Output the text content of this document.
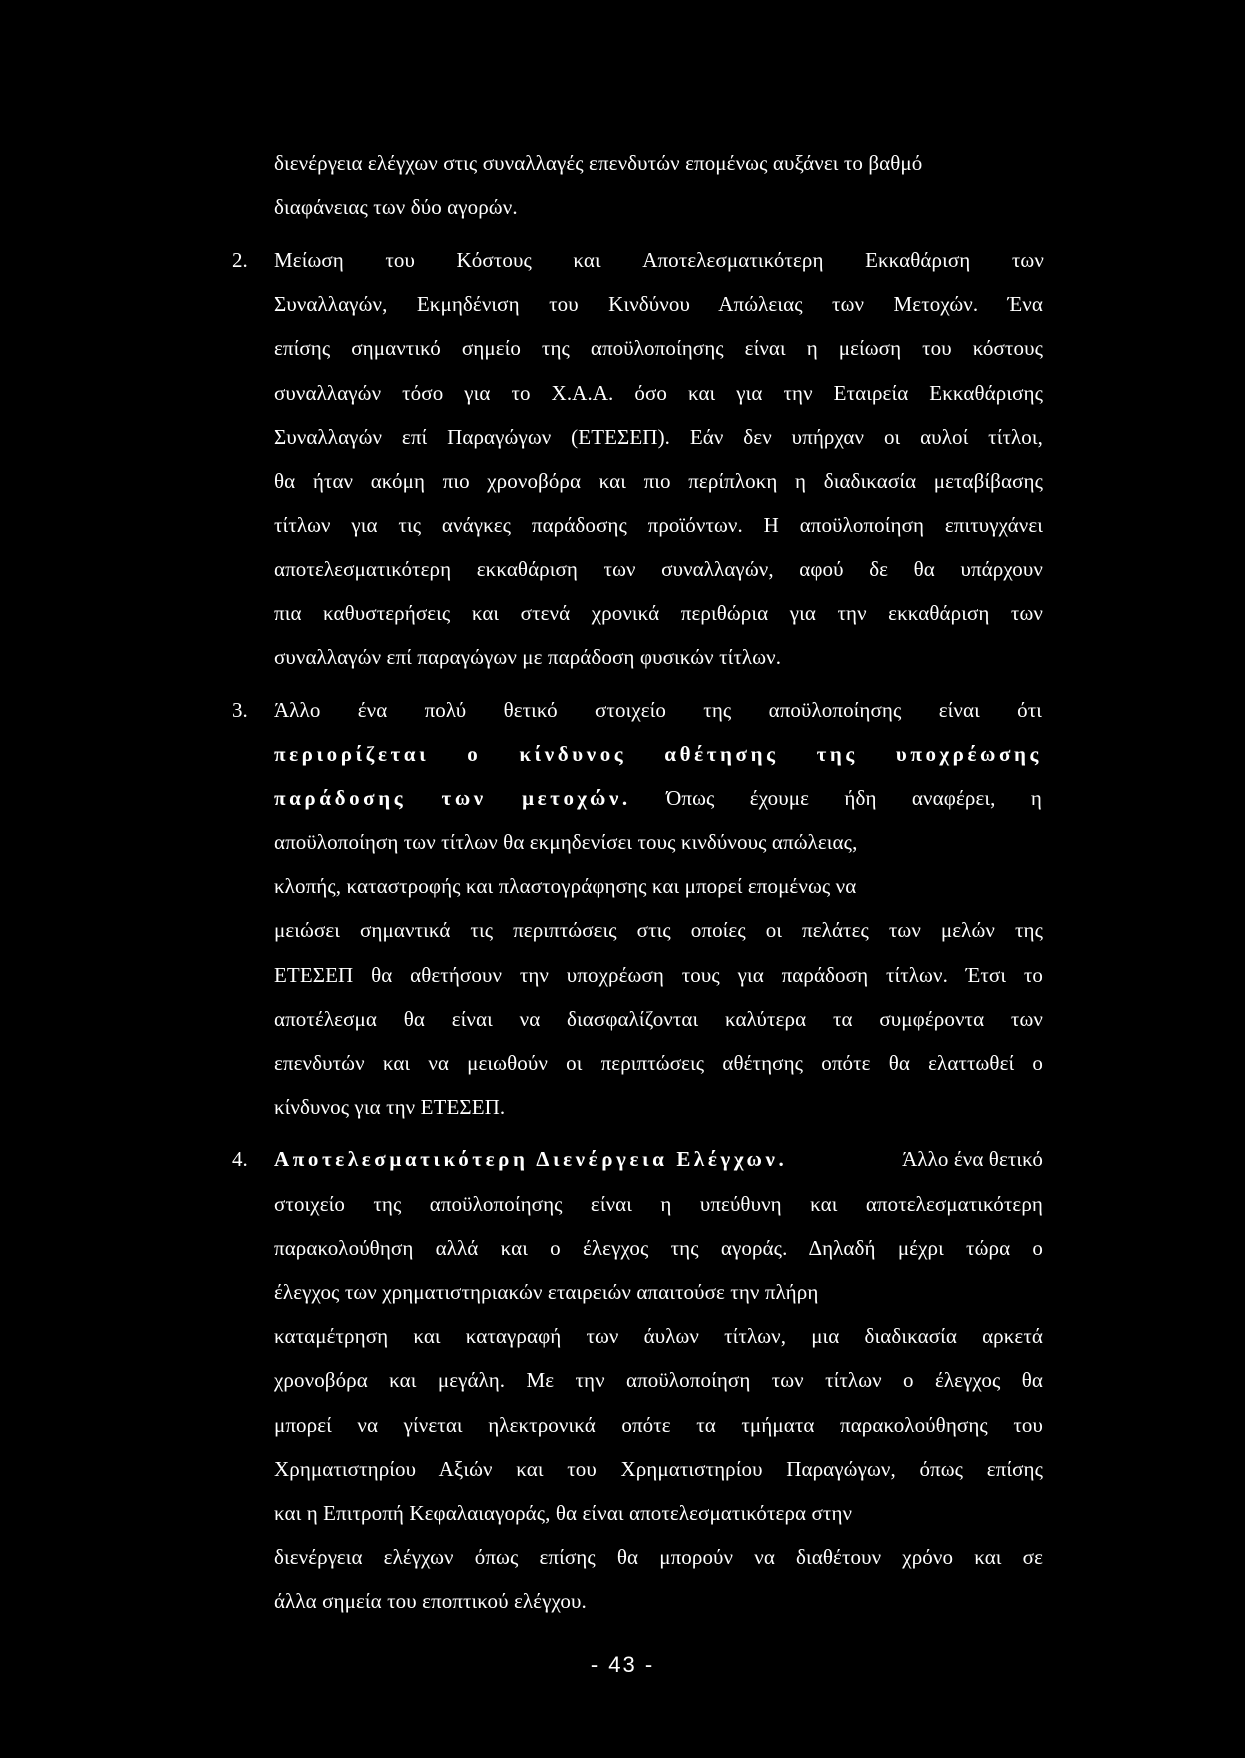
διενέργεια ελέγχων στις συναλλαγές επενδυτών επομένως αυξάνει το βαθμό
διαφάνειας των δύο αγορών.
2. Μείωση του Κόστους και Αποτελεσματικότερη Εκκαθάριση των
Συναλλαγών, Εκμηδένιση του Κινδύνου Απώλειας των Μετοχών. Ένα
επίσης σημαντικό σημείο της αποϋλοποίησης είναι η μείωση του κόστους
συναλλαγών τόσο για το Χ.Α.Α. όσο και για την Εταιρεία Εκκαθάρισης
Συναλλαγών επί Παραγώγων (ΕΤΕΣΕΠ). Εάν δεν υπήρχαν οι αυλοί τίτλοι,
θα ήταν ακόμη πιο χρονοβόρα και πιο περίπλοκη η διαδικασία μεταβίβασης
τίτλων για τις ανάγκες παράδοσης προϊόντων. Η αποϋλοποίηση επιτυγχάνει
αποτελεσματικότερη εκκαθάριση των συναλλαγών, αφού δε θα υπάρχουν
πια καθυστερήσεις και στενά χρονικά περιθώρια για την εκκαθάριση των
συναλλαγών επί παραγώγων με παράδοση φυσικών τίτλων.
3. Άλλο ένα πολύ θετικό στοιχείο της αποϋλοποίησης είναι ότι
περιορίζεται ο κίνδυνος αθέτησης της υποχρέωσης
παράδοσης των μετοχών. Όπως έχουμε ήδη αναφέρει, η
αποϋλοποίηση των τίτλων θα εκμηδενίσει τους κινδύνους απώλειας,
κλοπής, καταστροφής και πλαστογράφησης και μπορεί επομένως να
μειώσει σημαντικά τις περιπτώσεις στις οποίες οι πελάτες των μελών της
ΕΤΕΣΕΠ θα αθετήσουν την υποχρέωση τους για παράδοση τίτλων. Έτσι το
αποτέλεσμα θα είναι να διασφαλίζονται καλύτερα τα συμφέροντα των
επενδυτών και να μειωθούν οι περιπτώσεις αθέτησης οπότε θα ελαττωθεί ο
κίνδυνος για την ΕΤΕΣΕΠ.
4. Αποτελεσματικότερη Διενέργεια Ελέγχων.	Άλλο ένα θετικό
στοιχείο της αποϋλοποίησης είναι η υπεύθυνη και αποτελεσματικότερη
παρακολούθηση αλλά και ο έλεγχος της αγοράς. Δηλαδή μέχρι τώρα ο
έλεγχος των χρηματιστηριακών εταιρειών απαιτούσε την πλήρη
καταμέτρηση και καταγραφή των άυλων τίτλων, μια διαδικασία αρκετά
χρονοβόρα και μεγάλη. Με την αποϋλοποίηση των τίτλων ο έλεγχος θα
μπορεί να γίνεται ηλεκτρονικά οπότε τα τμήματα παρακολούθησης του
Χρηματιστηρίου Αξιών και του Χρηματιστηρίου Παραγώγων, όπως επίσης
και η Επιτροπή Κεφαλαιαγοράς, θα είναι αποτελεσματικότερα στην
διενέργεια ελέγχων όπως επίσης θα μπορούν να διαθέτουν χρόνο και σε
άλλα σημεία του εποπτικού ελέγχου.
- 43 -
